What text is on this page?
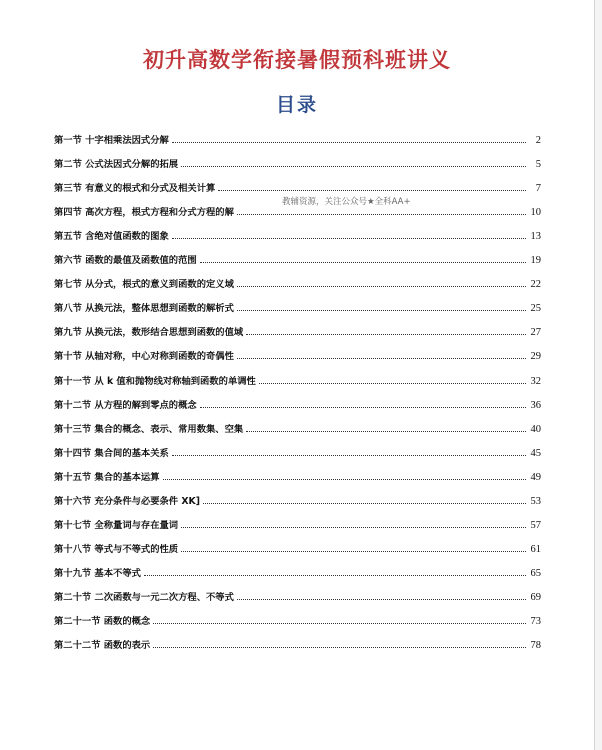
初升高数学衔接暑假预科班讲义
目录
第一节 十字相乘法因式分解	2
第二节 公式法因式分解的拓展	5
第三节 有意义的根式和分式及相关计算	7
第四节 高次方程，根式方程和分式方程的解	10
第五节 含绝对值函数的图象	13
第六节 函数的最值及函数值的范围	19
第七节 从分式，根式的意义到函数的定义域	22
第八节 从换元法，整体思想到函数的解析式	25
第九节 从换元法，数形结合思想到函数的值域	27
第十节 从轴对称，中心对称到函数的奇偶性	29
第十一节 从 k 值和抛物线对称轴到函数的单调性	32
第十二节 从方程的解到零点的概念	36
第十三节 集合的概念、表示、常用数集、空集	40
第十四节 集合间的基本关系	45
第十五节 集合的基本运算	49
第十六节 充分条件与必要条件 XK]	53
第十七节 全称量词与存在量词	57
第十八节 等式与不等式的性质	61
第十九节 基本不等式	65
第二十节 二次函数与一元二次方程、不等式	69
第二十一节 函数的概念	73
第二十二节 函数的表示	78
教辅资源，关注公众号★全科AA+
